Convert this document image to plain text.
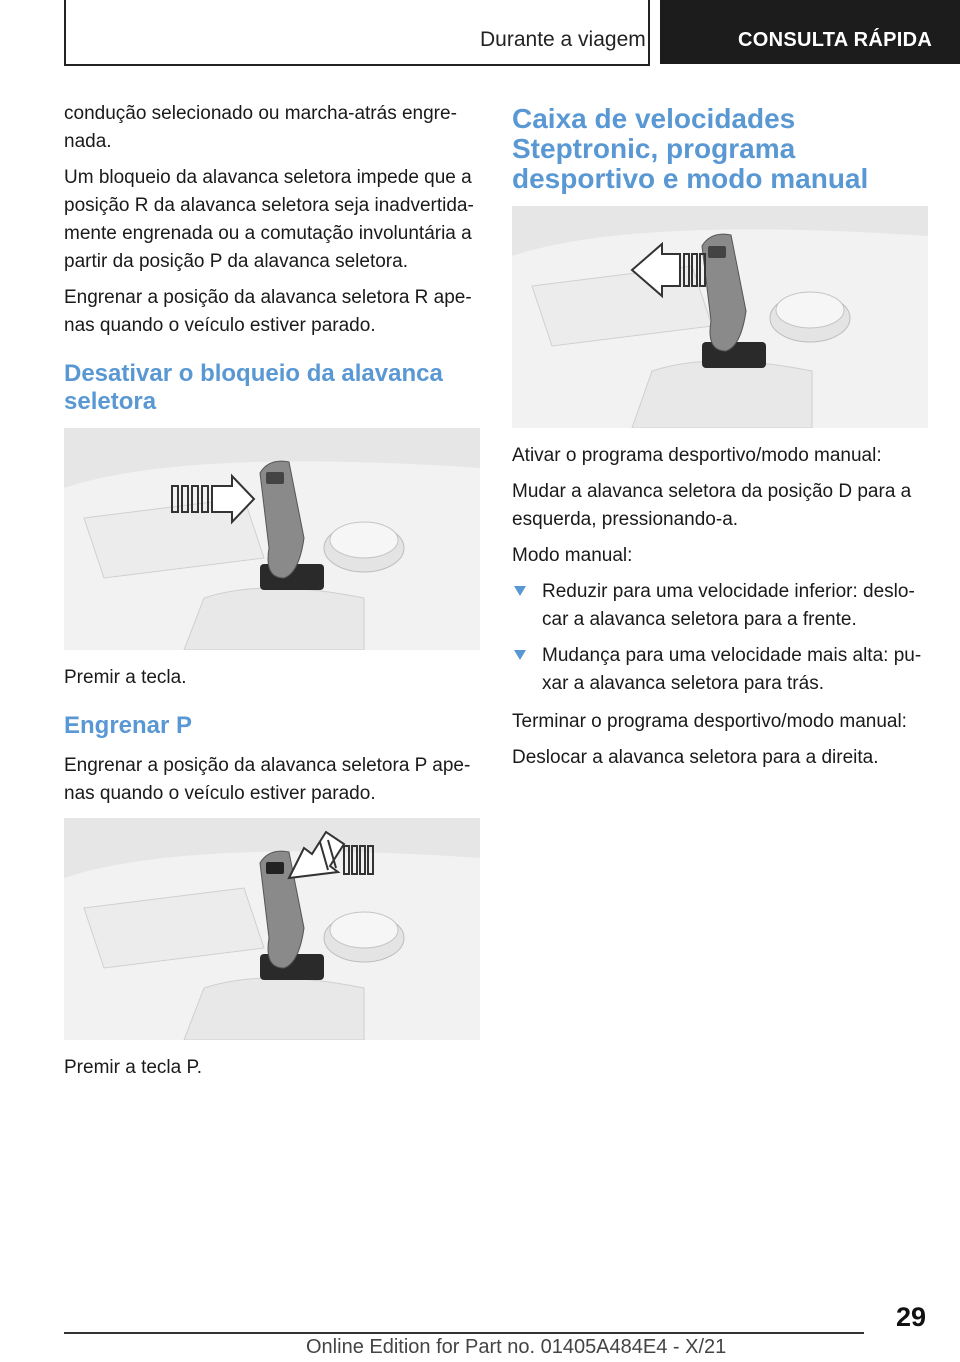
Durante a viagem	CONSULTA RÁPIDA

condução selecionado ou marcha-atrás engre-nada.

Um bloqueio da alavanca seletora impede que a posição R da alavanca seletora seja inadvertida-mente engrenada ou a comutação involuntária a partir da posição P da alavanca seletora.

Engrenar a posição da alavanca seletora R ape-nas quando o veículo estiver parado.

Desativar o bloqueio da alavanca seletora

Premir a tecla.

Engrenar P

Engrenar a posição da alavanca seletora P ape-nas quando o veículo estiver parado.

Premir a tecla P.

Caixa de velocidades Steptronic, programa desportivo e modo manual

Ativar o programa desportivo/modo manual:

Mudar a alavanca seletora da posição D para a esquerda, pressionando-a.

Modo manual:

Reduzir para uma velocidade inferior: deslo-car a alavanca seletora para a frente.
Mudança para uma velocidade mais alta: pu-xar a alavanca seletora para trás.

Terminar o programa desportivo/modo manual:

Deslocar a alavanca seletora para a direita.

29
Online Edition for Part no. 01405A484E4 - X/21
